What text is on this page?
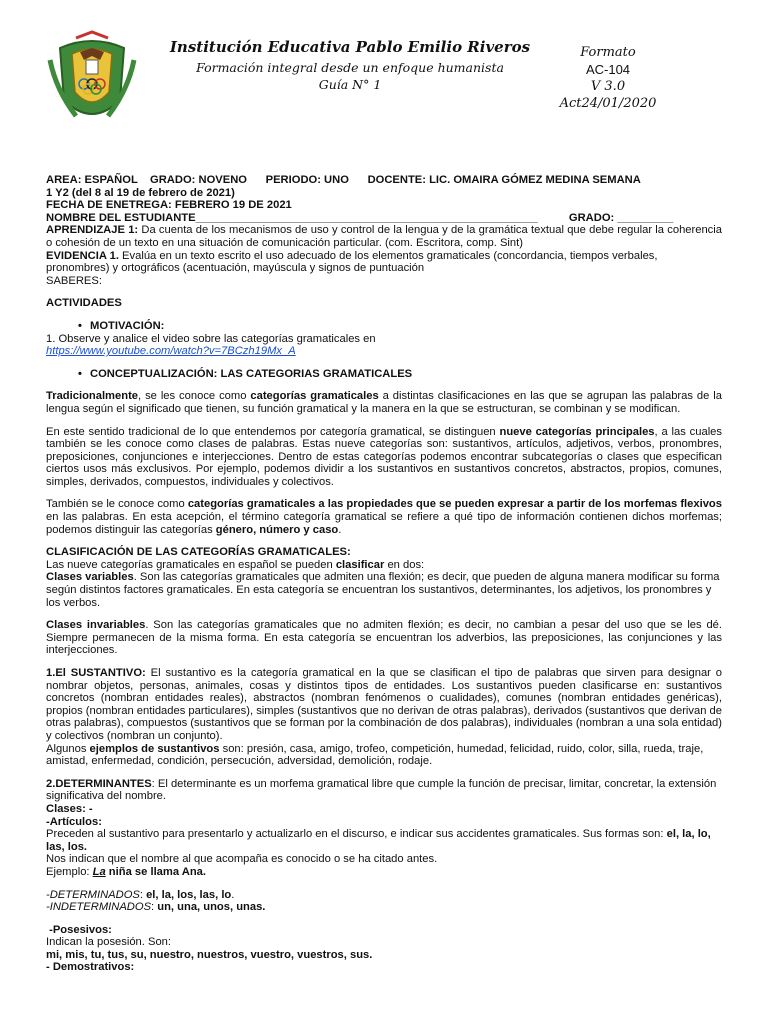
Institución Educativa Pablo Emilio Riveros
Formación integral desde un enfoque humanista
Guía N° 1
Formato
AC-104
V 3.0
Act24/01/2020

AREA: ESPAÑOL    GRADO: NOVENO      PERIODO: UNO      DOCENTE: LIC. OMAIRA GÓMEZ MEDINA SEMANA

1 Y2 (del 8 al 19 de febrero de 2021)

FECHA DE ENETREGA: FEBRERO 19 DE 2021

NOMBRE DEL ESTUDIANTE_______________________________________________________          GRADO: _________

APRENDIZAJE 1: Da cuenta de los mecanismos de uso y control de la lengua y de la gramática textual que debe regular la coherencia o cohesión de un texto en una situación de comunicación particular. (com. Escritora, comp. Sint)

EVIDENCIA 1. Evalúa en un texto escrito el uso adecuado de los elementos gramaticales (concordancia, tiempos verbales, pronombres) y ortográficos (acentuación, mayúscula y signos de puntuación

SABERES:

ACTIVIDADES

• MOTIVACIÓN:

1. Observe y analice el video sobre las categorías gramaticales en

https://www.youtube.com/watch?v=7BCzh19Mx_A

• CONCEPTUALIZACIÓN: LAS CATEGORIAS GRAMATICALES

Tradicionalmente, se les conoce como categorías gramaticales a distintas clasificaciones en las que se agrupan las palabras de la lengua según el significado que tienen, su función gramatical y la manera en la que se estructuran, se combinan y se modifican.

En este sentido tradicional de lo que entendemos por categoría gramatical, se distinguen nueve categorías principales, a las cuales también se les conoce como clases de palabras. Estas nueve categorías son: sustantivos, artículos, adjetivos, verbos, pronombres, preposiciones, conjunciones e interjecciones. Dentro de estas categorías podemos encontrar subcategorías o clases que especifican ciertos usos más exclusivos. Por ejemplo, podemos dividir a los sustantivos en sustantivos concretos, abstractos, propios, comunes, simples, derivados, compuestos, individuales y colectivos.

También se le conoce como categorías gramaticales a las propiedades que se pueden expresar a partir de los morfemas flexivos en las palabras. En esta acepción, el término categoría gramatical se refiere a qué tipo de información contienen dichos morfemas; podemos distinguir las categorías género, número y caso.

CLASIFICACIÓN DE LAS CATEGORÍAS GRAMATICALES:

Las nueve categorías gramaticales en español se pueden clasificar en dos:

Clases variables. Son las categorías gramaticales que admiten una flexión; es decir, que pueden de alguna manera modificar su forma según distintos factores gramaticales. En esta categoría se encuentran los sustantivos, determinantes, los adjetivos, los pronombres y los verbos.

Clases invariables. Son las categorías gramaticales que no admiten flexión; es decir, no cambian a pesar del uso que se les dé. Siempre permanecen de la misma forma. En esta categoría se encuentran los adverbios, las preposiciones, las conjunciones y las interjecciones.

1.El SUSTANTIVO: El sustantivo es la categoría gramatical en la que se clasifican el tipo de palabras que sirven para designar o nombrar objetos, personas, animales, cosas y distintos tipos de entidades. Los sustantivos pueden clasificarse en: sustantivos concretos (nombran entidades reales), abstractos (nombran fenómenos o cualidades), comunes (nombran entidades genéricas), propios (nombran entidades particulares), simples (sustantivos que no derivan de otras palabras), derivados (sustantivos que derivan de otras palabras), compuestos (sustantivos que se forman por la combinación de dos palabras), individuales (nombran a una sola entidad) y colectivos (nombran un conjunto).

Algunos ejemplos de sustantivos son: presión, casa, amigo, trofeo, competición, humedad, felicidad, ruido, color, silla, rueda, traje, amistad, enfermedad, condición, persecución, adversidad, demolición, rodaje.

2.DETERMINANTES: El determinante es un morfema gramatical libre que cumple la función de precisar, limitar, concretar, la extensión significativa del nombre.

Clases: -

-Artículos:

Preceden al sustantivo para presentarlo y actualizarlo en el discurso, e indicar sus accidentes gramaticales. Sus formas son: el, la, lo, las, los.

Nos indican que el nombre al que acompaña es conocido o se ha citado antes.

Ejemplo: La niña se llama Ana.

-DETERMINADOS: el, la, los, las, lo.

-INDETERMINADOS: un, una, unos, unas.

-Posesivos:

Indican la posesión. Son:

mi, mis, tu, tus, su, nuestro, nuestros, vuestro, vuestros, sus.

- Demostrativos:
